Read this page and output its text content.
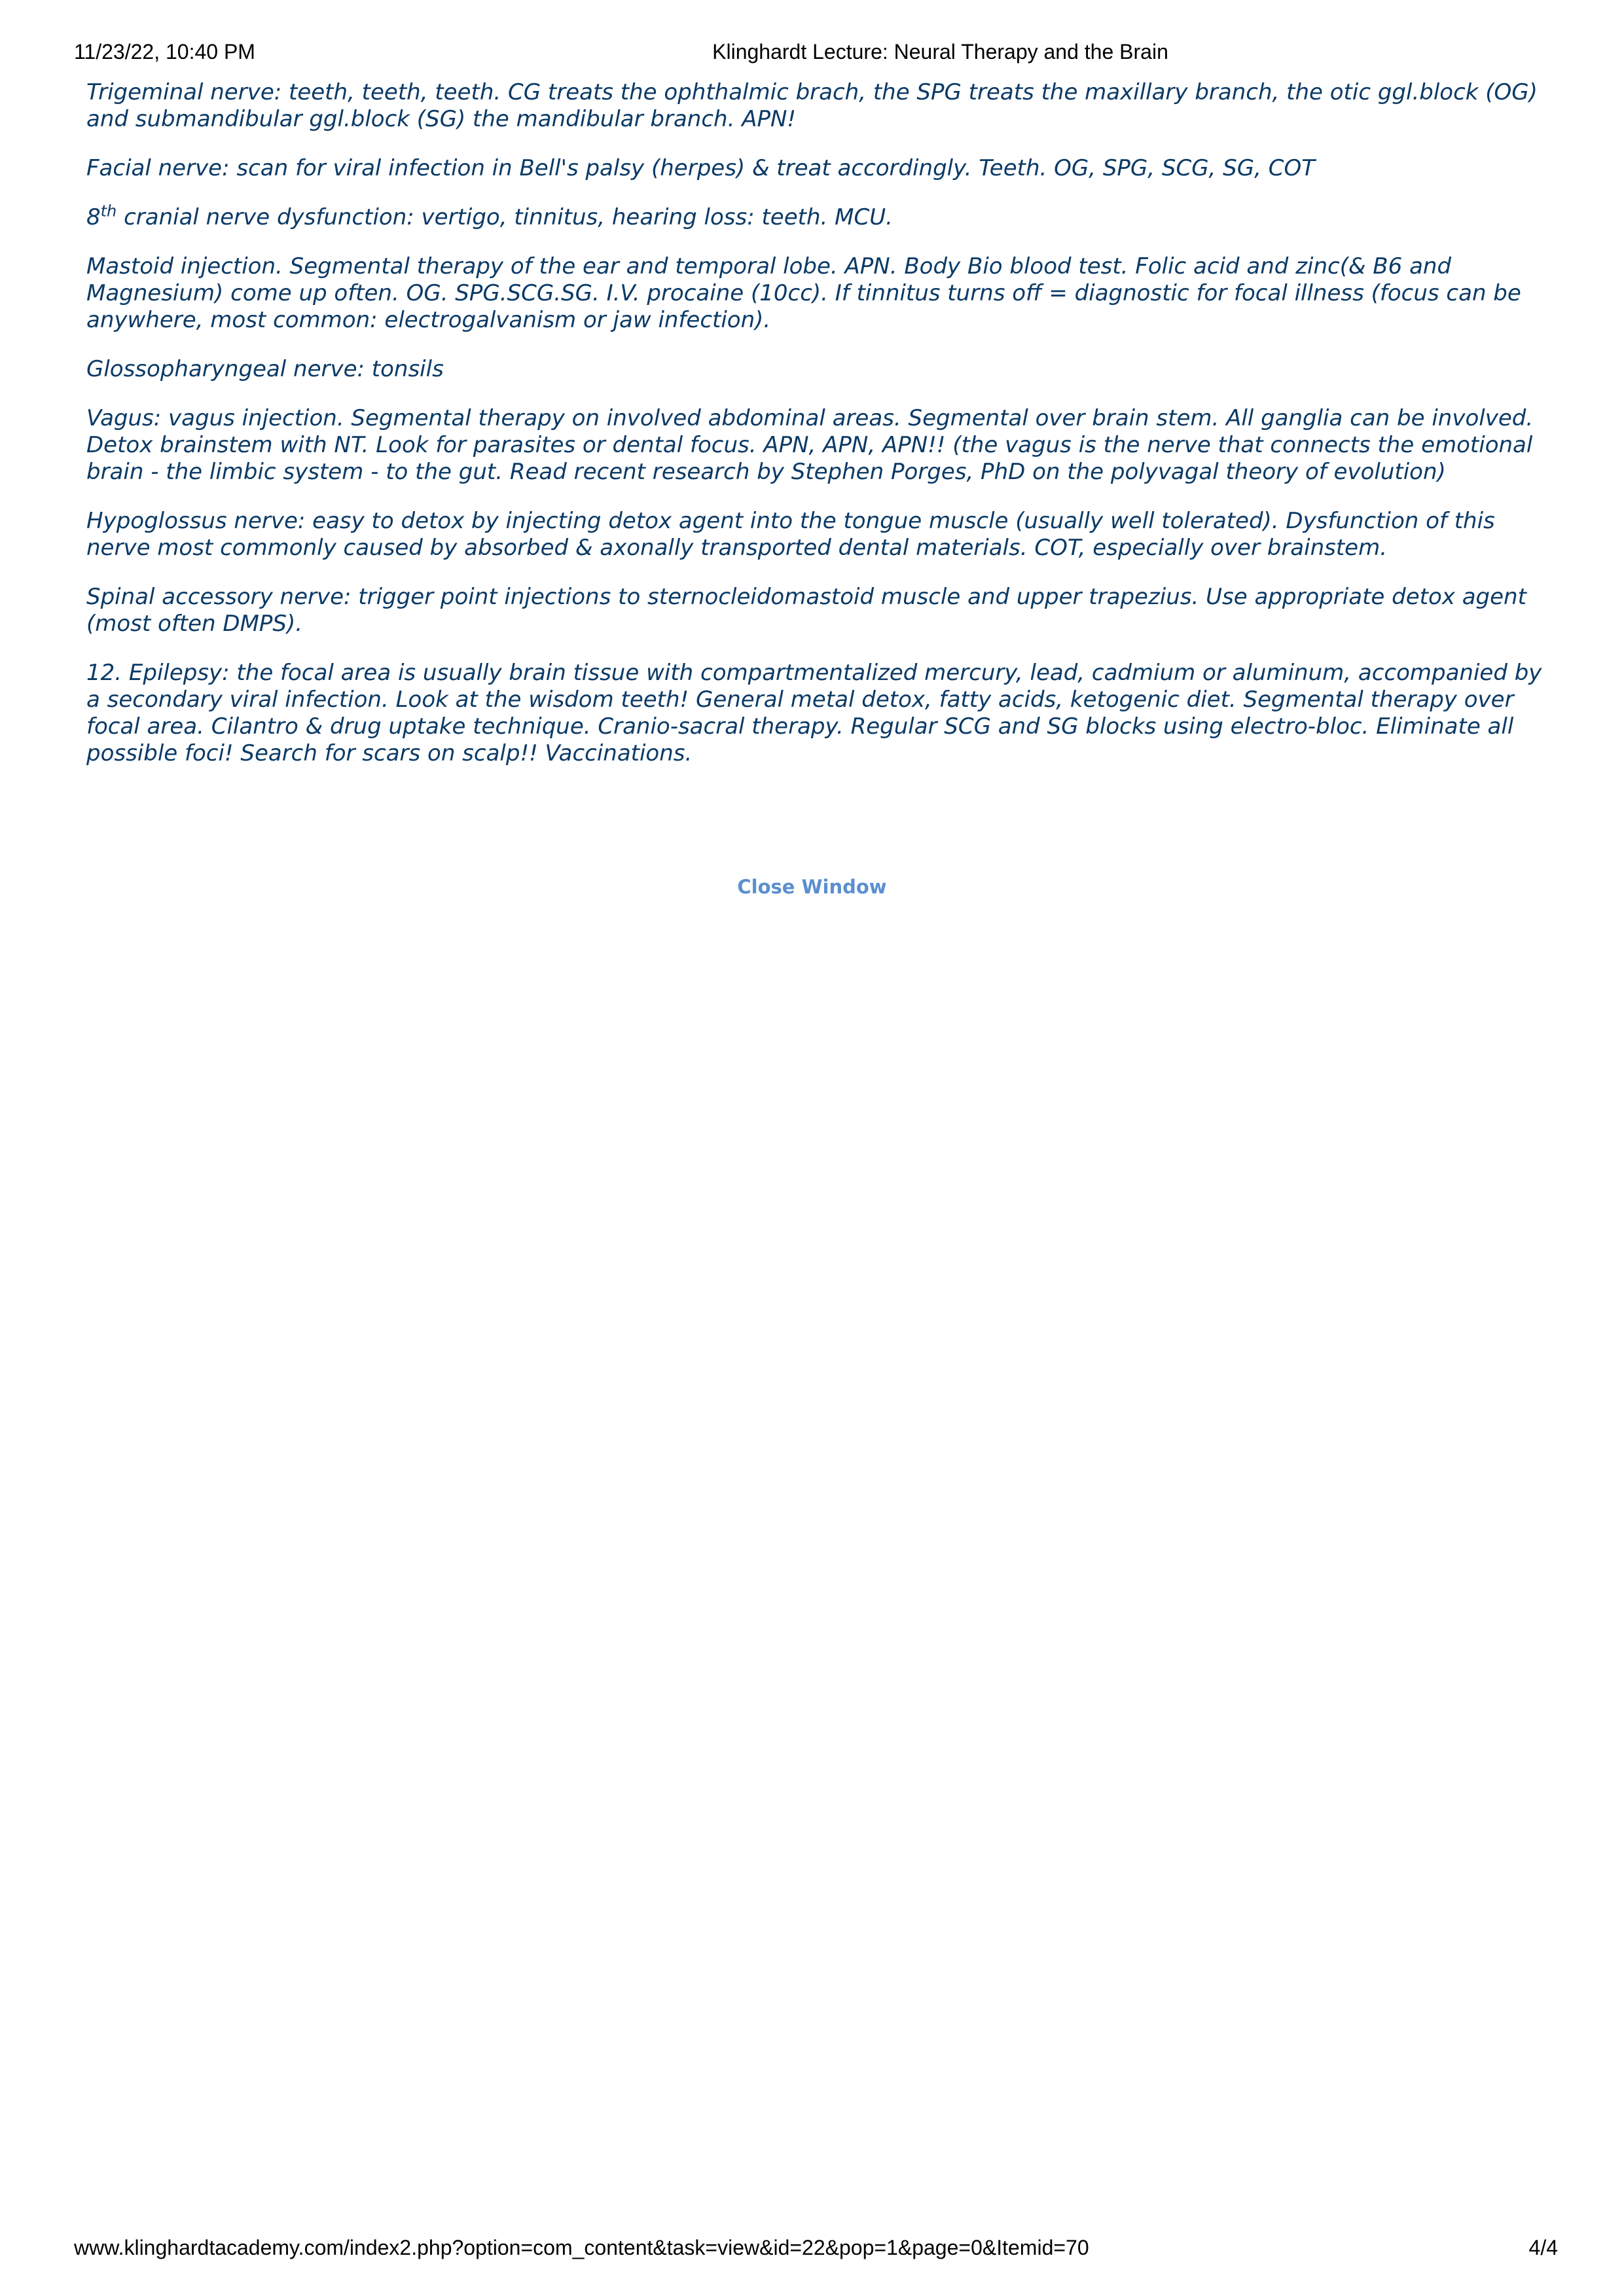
11/23/22, 10:40 PM	Klinghardt Lecture: Neural Therapy and the Brain

Trigeminal nerve: teeth, teeth, teeth. CG treats the ophthalmic brach, the SPG treats the maxillary branch, the otic ggl.block (OG) and submandibular ggl.block (SG) the mandibular branch. APN!

Facial nerve: scan for viral infection in Bell's palsy (herpes) & treat accordingly. Teeth. OG, SPG, SCG, SG, COT

8th cranial nerve dysfunction: vertigo, tinnitus, hearing loss: teeth. MCU.

Mastoid injection. Segmental therapy of the ear and temporal lobe. APN. Body Bio blood test. Folic acid and zinc(& B6 and Magnesium) come up often. OG. SPG.SCG.SG. I.V. procaine (10cc). If tinnitus turns off = diagnostic for focal illness (focus can be anywhere, most common: electrogalvanism or jaw infection).

Glossopharyngeal nerve: tonsils

Vagus: vagus injection. Segmental therapy on involved abdominal areas. Segmental over brain stem. All ganglia can be involved. Detox brainstem with NT. Look for parasites or dental focus. APN, APN, APN!! (the vagus is the nerve that connects the emotional brain - the limbic system - to the gut. Read recent research by Stephen Porges, PhD on the polyvagal theory of evolution)

Hypoglossus nerve: easy to detox by injecting detox agent into the tongue muscle (usually well tolerated). Dysfunction of this nerve most commonly caused by absorbed & axonally transported dental materials. COT, especially over brainstem.

Spinal accessory nerve: trigger point injections to sternocleidomastoid muscle and upper trapezius. Use appropriate detox agent (most often DMPS).

12. Epilepsy: the focal area is usually brain tissue with compartmentalized mercury, lead, cadmium or aluminum, accompanied by a secondary viral infection. Look at the wisdom teeth! General metal detox, fatty acids, ketogenic diet. Segmental therapy over focal area. Cilantro & drug uptake technique. Cranio-sacral therapy. Regular SCG and SG blocks using electro-bloc. Eliminate all possible foci! Search for scars on scalp!! Vaccinations.

Close Window
www.klinghardtacademy.com/index2.php?option=com_content&task=view&id=22&pop=1&page=0&Itemid=70	4/4
